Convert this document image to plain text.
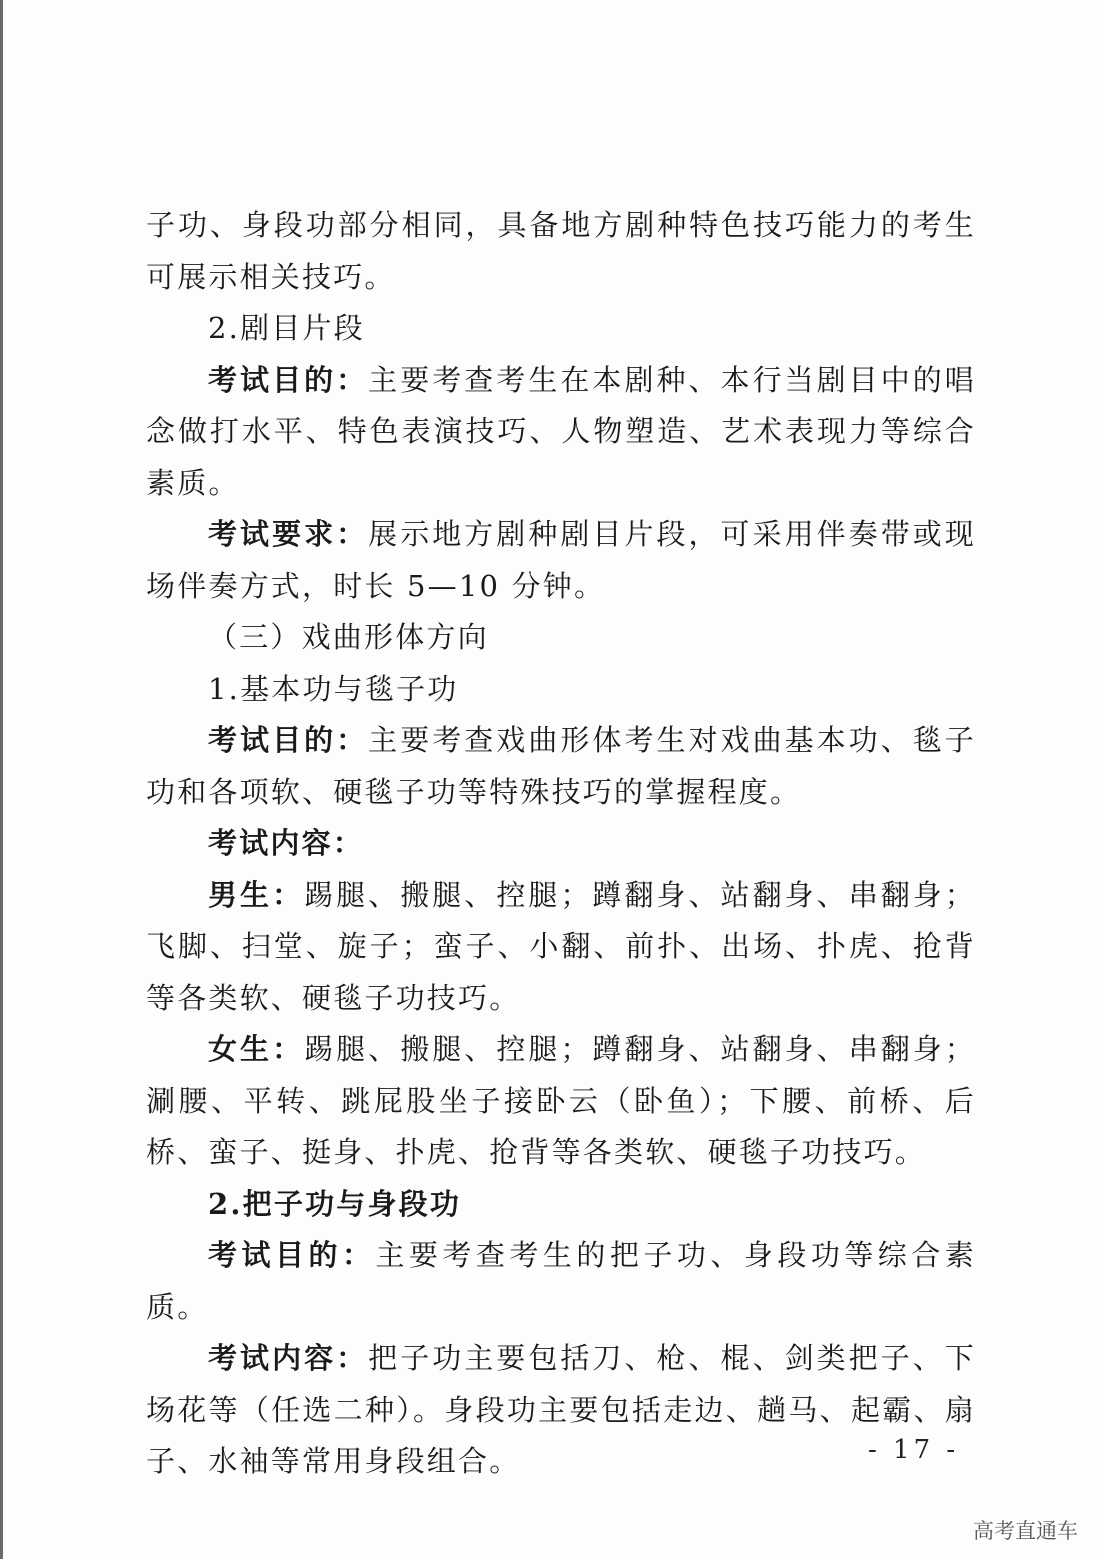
子功、身段功部分相同，具备地方剧种特色技巧能力的考生可展示相关技巧。

2.剧目片段

考试目的：主要考查考生在本剧种、本行当剧目中的唱念做打水平、特色表演技巧、人物塑造、艺术表现力等综合素质。

考试要求：展示地方剧种剧目片段，可采用伴奏带或现场伴奏方式，时长 5—10 分钟。

（三）戏曲形体方向

1.基本功与毯子功

考试目的：主要考查戏曲形体考生对戏曲基本功、毯子功和各项软、硬毯子功等特殊技巧的掌握程度。

考试内容：

男生：踢腿、搬腿、控腿；蹲翻身、站翻身、串翻身；飞脚、扫堂、旋子；蛮子、小翻、前扑、出场、扑虎、抢背等各类软、硬毯子功技巧。

女生：踢腿、搬腿、控腿；蹲翻身、站翻身、串翻身；涮腰、平转、跳屁股坐子接卧云（卧鱼）；下腰、前桥、后桥、蛮子、挺身、扑虎、抢背等各类软、硬毯子功技巧。

2.把子功与身段功

考试目的：主要考查考生的把子功、身段功等综合素质。

考试内容：把子功主要包括刀、枪、棍、剑类把子、下场花等（任选二种）。身段功主要包括走边、趟马、起霸、扇子、水袖等常用身段组合。	- 17 -
高考直通车
